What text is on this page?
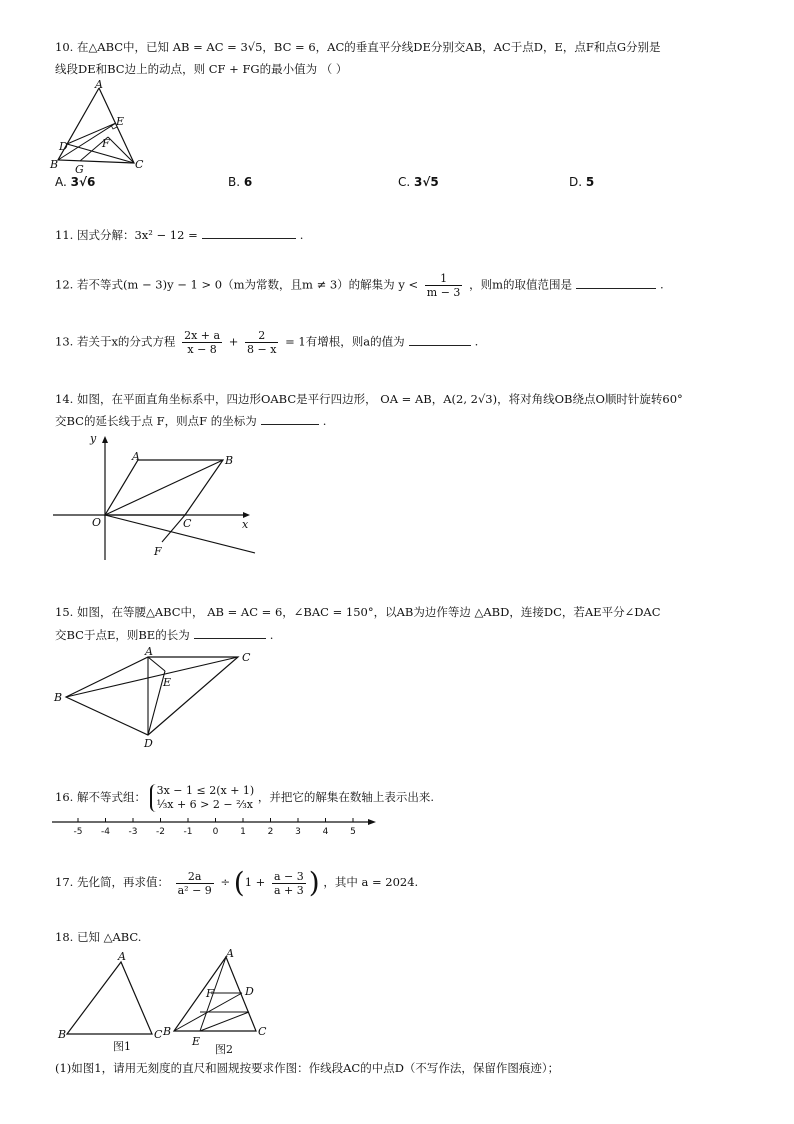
10. 在△ABC中，已知 AB = AC = 3√5，BC = 6，AC的垂直平分线DE分别交AB，AC于点D，E，点F和点G分别是
线段DE和BC边上的动点，则 CF + FG的最小值为 （ ）
A
B	C
D
E
F
G
A. 3√6	B. 6	C. 3√5	D. 5
11. 因式分解：3x² − 12 =	.
12. 若不等式(m − 3)y − 1 > 0（m为常数，且m ≠ 3）的解集为 $y < \frac{1}{m - 3}$ ，则m的取值范围是	.
13. 若关于x的分式方程 $\frac{2x + a}{x - 8} + \frac{2}{8 - x} = 1$有增根，则a的值为	.
14. 如图，在平面直角坐标系中，四边形OABC是平行四边形， OA = AB，A(2, 2√3)，将对角线OB绕点O顺时针旋转60°
交BC的延长线于点 F，则点F 的坐标为	.
y
x
O
A	B
C
F
15. 如图，在等腰△ABC中， AB = AC = 6，∠BAC = 150°，以AB为边作等边 △ABD，连接DC，若AE平分∠DAC
交BC于点E，则BE的长为	.
A
B
C
D
E
16. 解不等式组： 3x − 1 ≤ 2(x + 1)
⅓x + 6 > 2 − ⅔x
，并把它的解集在数轴上表示出来.
-5 -4 -3 -2 -1 0 1 2 3 4 5
17. 先化简，再求值： $\frac{2a}{\text{a² − 9}} \div (1 + \frac{a - 3}{a + 3}$ ) ，其中 a = 2024.
18. 已知 △ABC.
A
B	C
图1
A
B	C
D
E
F
图2
(1)如图1，请用无刻度的直尺和圆规按要求作图：作线段AC的中点D（不写作法，保留作图痕迹）；
